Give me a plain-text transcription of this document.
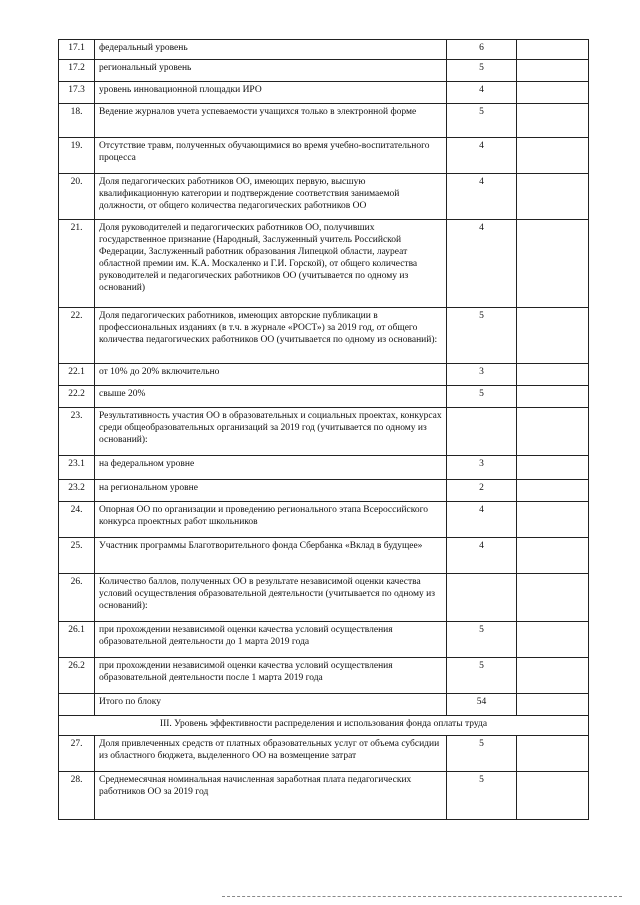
17.1	федеральный уровень	6	
17.2	региональный уровень	5	
17.3	уровень инновационной площадки ИРО	4	
18.	Ведение журналов учета успеваемости учащихся только в электронной форме	5	
19.	Отсутствие травм, полученных обучающимися во время учебно-воспитательного процесса	4	
20.	Доля педагогических работников ОО, имеющих первую, высшую квалификационную категории и подтверждение соответствия занимаемой должности, от общего количества педагогических работников ОО	4	
21.	Доля руководителей и педагогических работников ОО, получивших государственное признание (Народный, Заслуженный учитель Российской Федерации, Заслуженный работник образования Липецкой области, лауреат областной премии им. К.А. Москаленко и Г.И. Горской), от общего количества руководителей и педагогических работников ОО (учитывается по одному из оснований)	4	
22.	Доля педагогических работников, имеющих авторские публикации в профессиональных изданиях (в т.ч. в журнале «РОСТ») за 2019 год, от общего количества педагогических работников ОО (учитывается по одному из оснований):	5	
22.1	от 10% до 20% включительно	3	
22.2	свыше 20%	5	
23.	Результативность участия ОО в образовательных и социальных проектах, конкурсах среди общеобразовательных организаций за 2019 год (учитывается по одному из оснований):		
23.1	на федеральном уровне	3	
23.2	на региональном уровне	2	
24.	Опорная ОО по организации и проведению регионального этапа Всероссийского конкурса проектных работ школьников	4	
25.	Участник программы Благотворительного фонда Сбербанка «Вклад в будущее»	4	
26.	Количество баллов, полученных ОО в результате независимой оценки качества условий осуществления образовательной деятельности (учитывается по одному из оснований):		
26.1	при прохождении независимой оценки качества условий осуществления образовательной деятельности до 1 марта 2019 года	5	
26.2	при прохождении независимой оценки качества условий осуществления образовательной деятельности после 1 марта 2019 года	5	
	Итого по блоку	54	
III. Уровень эффективности распределения и использования фонда оплаты труда			
27.	Доля привлеченных средств от платных образовательных услуг от объема субсидии из областного бюджета, выделенного ОО на возмещение затрат	5	
28.	Среднемесячная номинальная начисленная заработная плата педагогических работников ОО за 2019 год	5	
